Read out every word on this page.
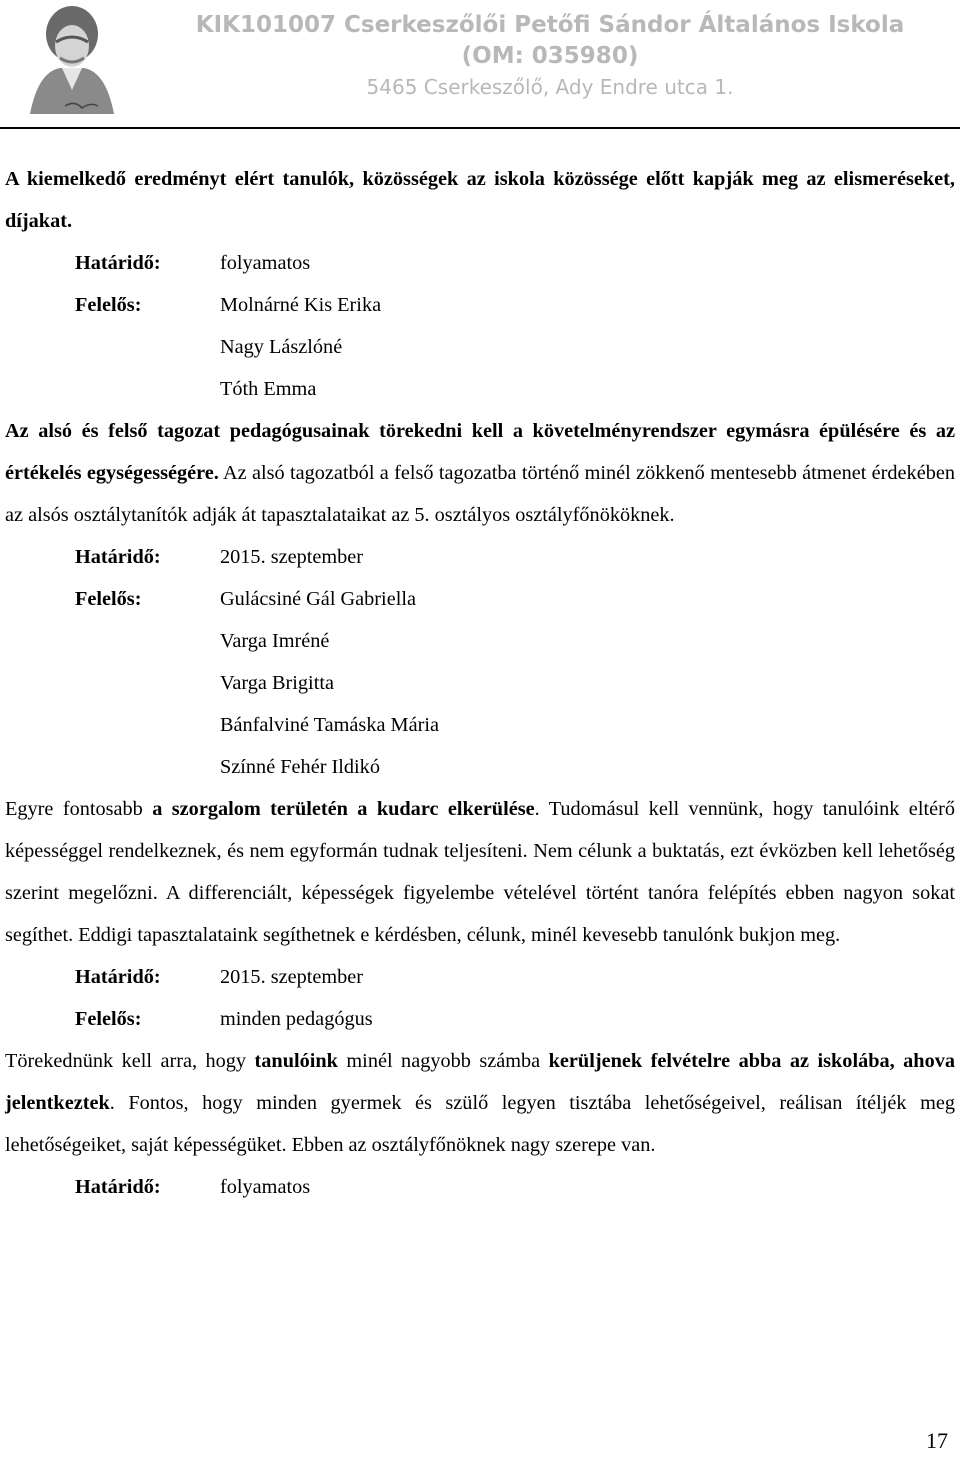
KIK101007 Cserkeszőlői Petőfi Sándor Általános Iskola
(OM: 035980)
5465 Cserkeszőlő, Ady Endre utca 1.

A kiemelkedő eredményt elért tanulók, közösségek az iskola közössége előtt kapják meg az elismeréseket, díjakat.

Határidő:	folyamatos
Felelős:	Molnárné Kis Erika
Nagy Lászlóné
Tóth Emma

Az alsó és felső tagozat pedagógusainak törekedni kell a követelményrendszer egymásra épülésére és az értékelés egységességére. Az alsó tagozatból a felső tagozatba történő minél zökkenő mentesebb átmenet érdekében az alsós osztálytanítók adják át tapasztalataikat az 5. osztályos osztályfőnököknek.

Határidő:	2015. szeptember
Felelős:	Gulácsiné Gál Gabriella
Varga Imréné
Varga Brigitta
Bánfalviné Tamáska Mária
Színné Fehér Ildikó

Egyre fontosabb a szorgalom területén a kudarc elkerülése. Tudomásul kell vennünk, hogy tanulóink eltérő képességgel rendelkeznek, és nem egyformán tudnak teljesíteni. Nem célunk a buktatás, ezt évközben kell lehetőség szerint megelőzni. A differenciált, képességek figyelembe vételével történt tanóra felépítés ebben nagyon sokat segíthet. Eddigi tapasztalataink segíthetnek e kérdésben, célunk, minél kevesebb tanulónk bukjon meg.

Határidő:	2015. szeptember
Felelős:	minden pedagógus

Törekednünk kell arra, hogy tanulóink minél nagyobb számba kerüljenek felvételre abba az iskolába, ahova jelentkeztek. Fontos, hogy minden gyermek és szülő legyen tisztába lehetőségeivel, reálisan ítéljék meg lehetőségeiket, saját képességüket. Ebben az osztályfőnöknek nagy szerepe van.

Határidő:	folyamatos
17
